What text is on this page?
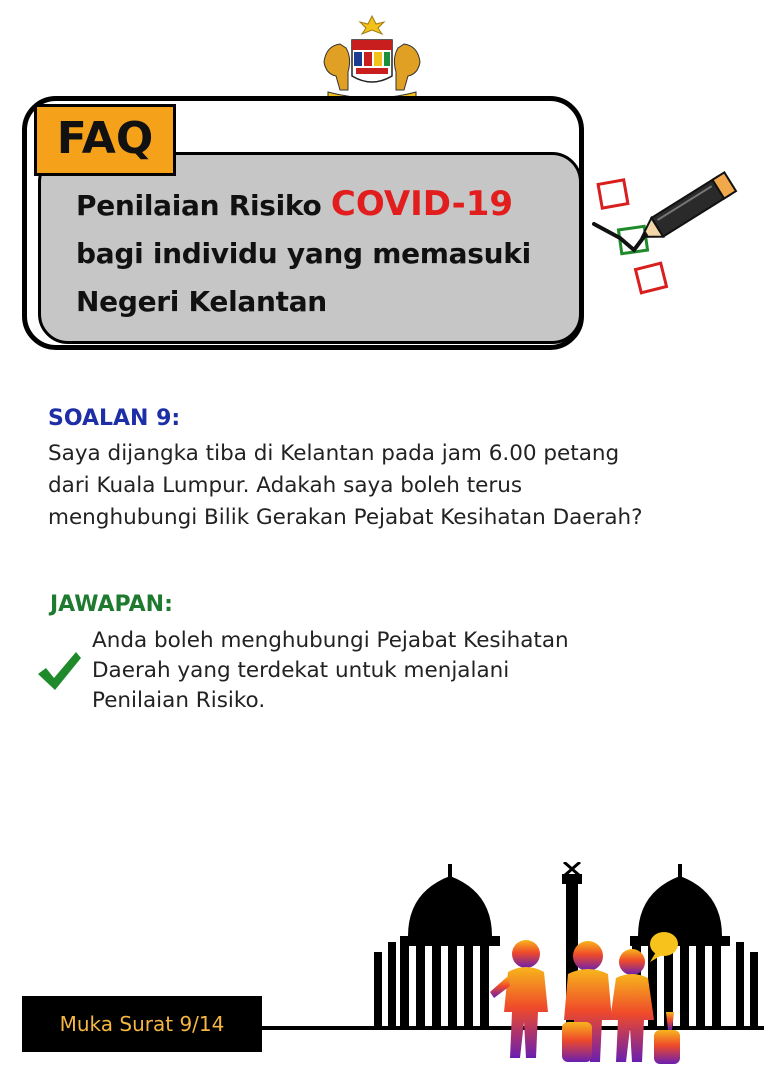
FAQ
Penilaian Risiko COVID-19
bagi individu yang memasuki
Negeri Kelantan
SOALAN 9:
Saya dijangka tiba di Kelantan pada jam 6.00 petang
dari Kuala Lumpur. Adakah saya boleh terus
menghubungi Bilik Gerakan Pejabat Kesihatan Daerah?
JAWAPAN:
Anda boleh menghubungi Pejabat Kesihatan
Daerah yang terdekat untuk menjalani
Penilaian Risiko.
Muka Surat 9/14
